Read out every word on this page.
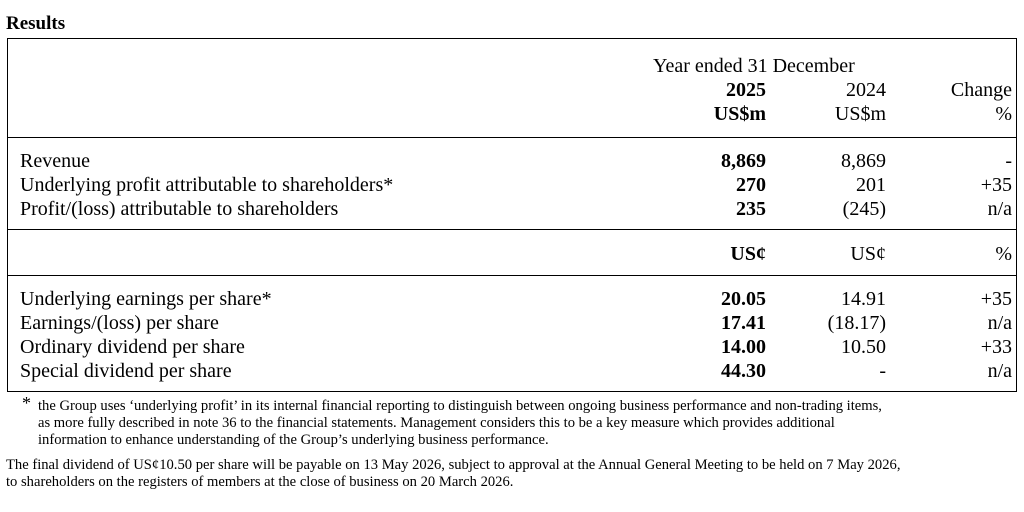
Results
Year ended 31 December
2025	2024	Change
US$m	US$m	%
Revenue	8,869	8,869	-
Underlying profit attributable to shareholders*	270	201	+35
Profit/(loss) attributable to shareholders	235	(245)	n/a
US¢	US¢	%
Underlying earnings per share*	20.05	14.91	+35
Earnings/(loss) per share	17.41	(18.17)	n/a
Ordinary dividend per share	14.00	10.50	+33
Special dividend per share	44.30	-	n/a
* the Group uses ‘underlying profit’ in its internal financial reporting to distinguish between ongoing business performance and non-trading items,
as more fully described in note 36 to the financial statements. Management considers this to be a key measure which provides additional
information to enhance understanding of the Group’s underlying business performance.
The final dividend of US¢10.50 per share will be payable on 13 May 2026, subject to approval at the Annual General Meeting to be held on 7 May 2026,
to shareholders on the registers of members at the close of business on 20 March 2026.
